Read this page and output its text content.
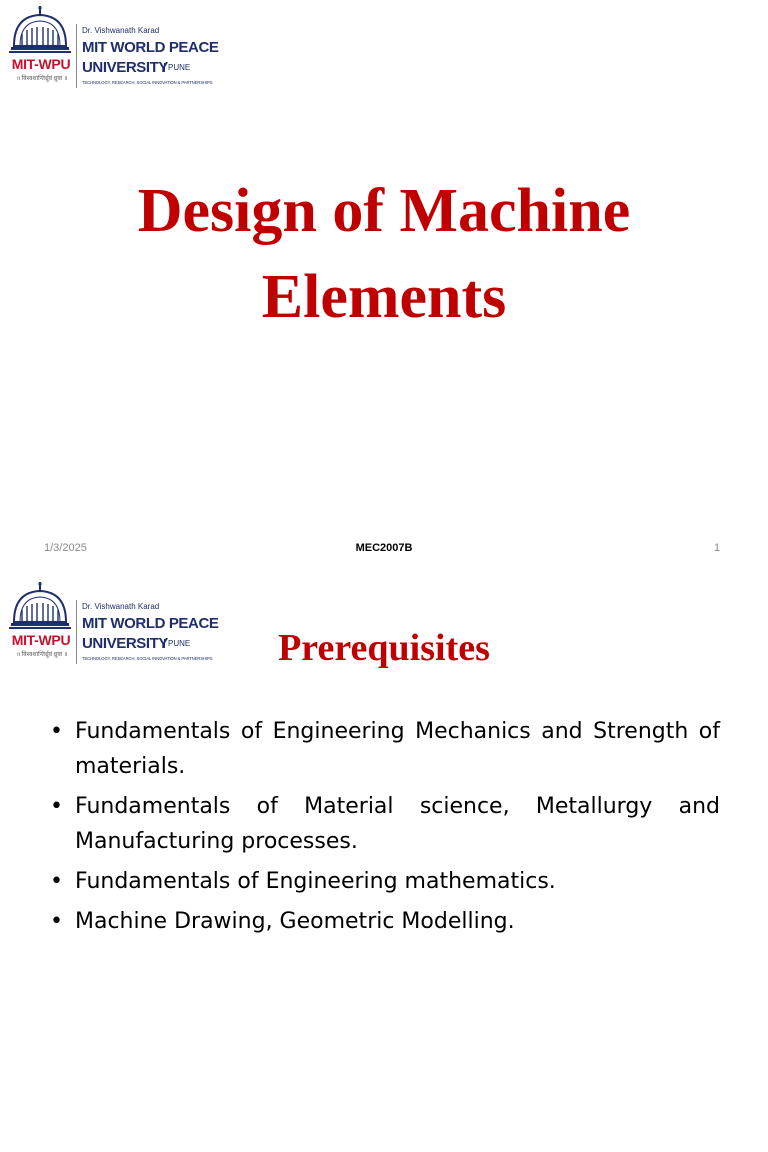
MIT-WPU
॥ विश्वशान्तिर्ध्रुवं ध्रुवा ॥
Dr. Vishwanath Karad
MIT WORLD PEACE
UNIVERSITY PUNE
TECHNOLOGY, RESEARCH, SOCIAL INNOVATION & PARTNERSHIPS
Design of Machine
Elements
1/3/2025	MEC2007B	1
MIT-WPU
॥ विश्वशान्तिर्ध्रुवं ध्रुवा ॥
Dr. Vishwanath Karad
MIT WORLD PEACE
UNIVERSITY PUNE
TECHNOLOGY, RESEARCH, SOCIAL INNOVATION & PARTNERSHIPS	Prerequisites
• Fundamentals of Engineering Mechanics and Strength of materials.
• Fundamentals of Material science, Metallurgy and Manufacturing processes.
• Fundamentals of Engineering mathematics.
• Machine Drawing, Geometric Modelling.
